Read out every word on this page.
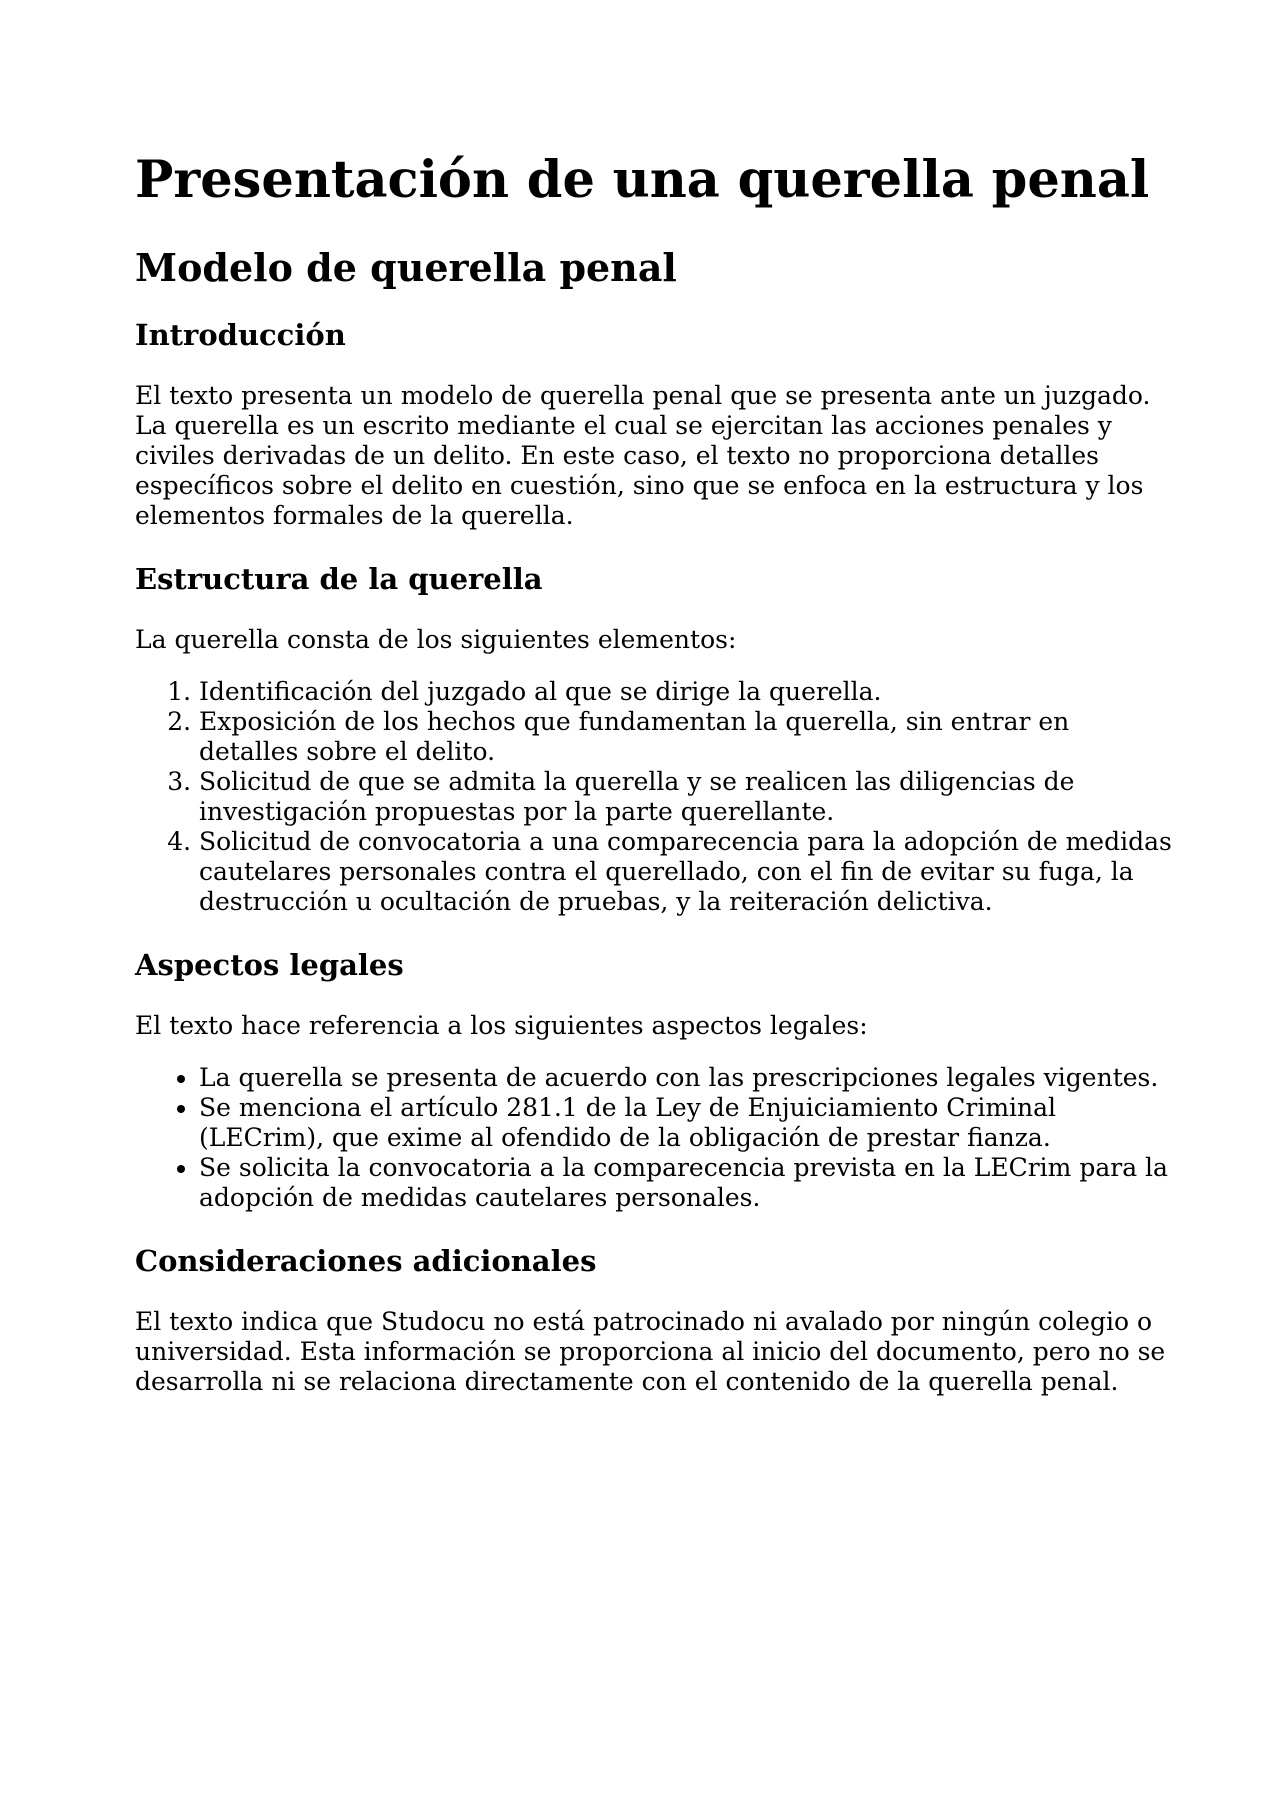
Presentación de una querella penal
Modelo de querella penal
Introducción

El texto presenta un modelo de querella penal que se presenta ante un juzgado. La querella es un escrito mediante el cual se ejercitan las acciones penales y civiles derivadas de un delito. En este caso, el texto no proporciona detalles específicos sobre el delito en cuestión, sino que se enfoca en la estructura y los elementos formales de la querella.

Estructura de la querella

La querella consta de los siguientes elementos:

1. Identificación del juzgado al que se dirige la querella.
2. Exposición de los hechos que fundamentan la querella, sin entrar en detalles sobre el delito.
3. Solicitud de que se admita la querella y se realicen las diligencias de investigación propuestas por la parte querellante.
4. Solicitud de convocatoria a una comparecencia para la adopción de medidas cautelares personales contra el querellado, con el fin de evitar su fuga, la destrucción u ocultación de pruebas, y la reiteración delictiva.
Aspectos legales

El texto hace referencia a los siguientes aspectos legales:

• La querella se presenta de acuerdo con las prescripciones legales vigentes.
• Se menciona el artículo 281.1 de la Ley de Enjuiciamiento Criminal (LECrim), que exime al ofendido de la obligación de prestar fianza.
• Se solicita la convocatoria a la comparecencia prevista en la LECrim para la adopción de medidas cautelares personales.
Consideraciones adicionales

El texto indica que Studocu no está patrocinado ni avalado por ningún colegio o universidad. Esta información se proporciona al inicio del documento, pero no se desarrolla ni se relaciona directamente con el contenido de la querella penal.
